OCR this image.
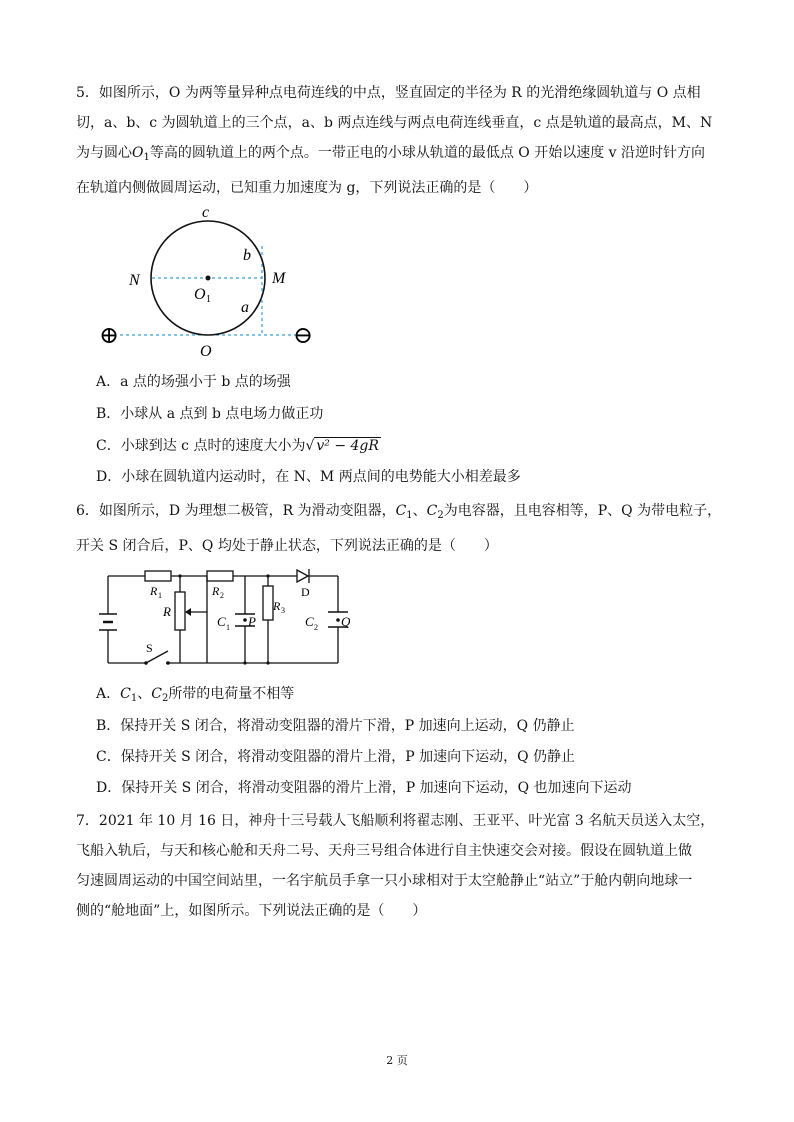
5．如图所示，O 为两等量异种点电荷连线的中点，竖直固定的半径为 R 的光滑绝缘圆轨道与 O 点相
切，a、b、c 为圆轨道上的三个点，a、b 两点连线与两点电荷连线垂直，c 点是轨道的最高点，M、N
为与圆心$O_1$等高的圆轨道上的两个点。一带正电的小球从轨道的最低点 O 开始以速度 v 沿逆时针方向
在轨道内侧做圆周运动，已知重力加速度为 g，下列说法正确的是（　　）
c
b
N	M
O 1 a
O
⊕	⊖
A．a 点的场强小于 b 点的场强
B．小球从 a 点到 b 点电场力做正功
C．小球到达 c 点时的速度大小为√ v² − 4gR
D．小球在圆轨道内运动时，在 N、M 两点间的电势能大小相差最多
6．如图所示，D 为理想二极管，R 为滑动变阻器，$C_1$、$C_2$为电容器，且电容相等，P、Q 为带电粒子，
开关 S 闭合后，P、Q 均处于静止状态，下列说法正确的是（　　）
R 1	R 2
R	R 3
D
C 1 P	C 2 Q
S
A．$C_1$、$C_2$所带的电荷量不相等
B．保持开关 S 闭合，将滑动变阻器的滑片下滑，P 加速向上运动，Q 仍静止
C．保持开关 S 闭合，将滑动变阻器的滑片上滑，P 加速向下运动，Q 仍静止
D．保持开关 S 闭合，将滑动变阻器的滑片上滑，P 加速向下运动，Q 也加速向下运动
7．2021 年 10 月 16 日，神舟十三号载人飞船顺利将翟志刚、王亚平、叶光富 3 名航天员送入太空，
飞船入轨后，与天和核心舱和天舟二号、天舟三号组合体进行自主快速交会对接。假设在圆轨道上做
匀速圆周运动的中国空间站里，一名宇航员手拿一只小球相对于太空舱静止“站立”于舱内朝向地球一
侧的“舱地面”上，如图所示。下列说法正确的是（　　）
2 页
